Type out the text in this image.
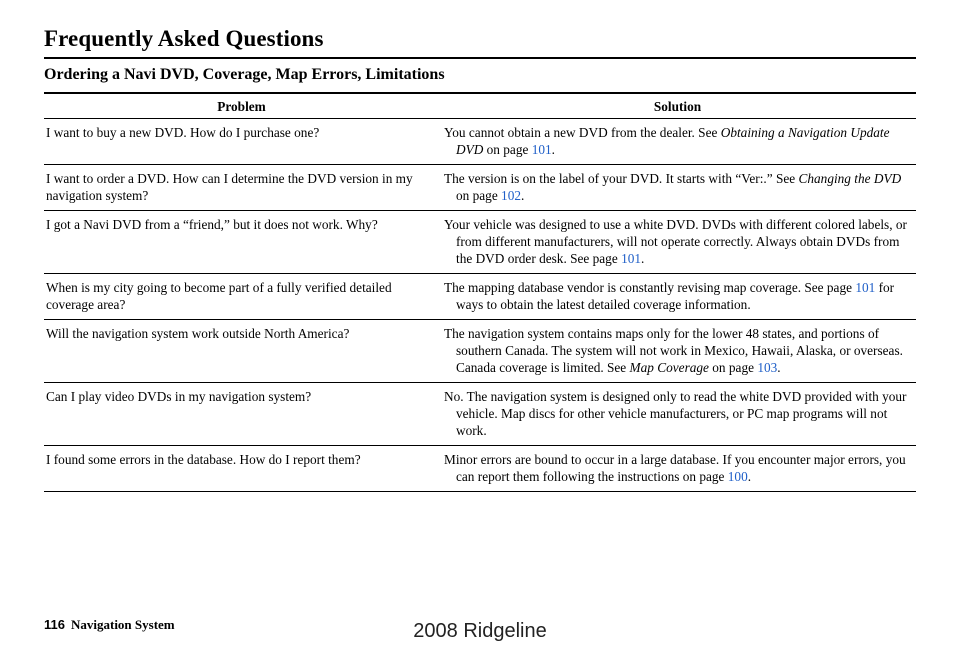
Frequently Asked Questions
Ordering a Navi DVD, Coverage, Map Errors, Limitations
Problem	Solution
I want to buy a new DVD. How do I purchase one?	You cannot obtain a new DVD from the dealer. See Obtaining a Navigation Update DVD on page 101.

I want to order a DVD. How can I determine the DVD version in my navigation system?	The version is on the label of your DVD. It starts with “Ver:.” See Changing the DVD on page 102.

I got a Navi DVD from a “friend,” but it does not work. Why?	Your vehicle was designed to use a white DVD. DVDs with different colored labels, or from different manufacturers, will not operate correctly. Always obtain DVDs from the DVD order desk. See page 101.

When is my city going to become part of a fully verified detailed coverage area?	The mapping database vendor is constantly revising map coverage. See page 101 for ways to obtain the latest detailed coverage information.

Will the navigation system work outside North America?	The navigation system contains maps only for the lower 48 states, and portions of southern Canada. The system will not work in Mexico, Hawaii, Alaska, or overseas. Canada coverage is limited. See Map Coverage on page 103.

Can I play video DVDs in my navigation system?	No. The navigation system is designed only to read the white DVD provided with your vehicle. Map discs for other vehicle manufacturers, or PC map programs will not work.

I found some errors in the database. How do I report them?	Minor errors are bound to occur in a large database. If you encounter major errors, you can report them following the instructions on page 100.
116 Navigation System	2008 Ridgeline
